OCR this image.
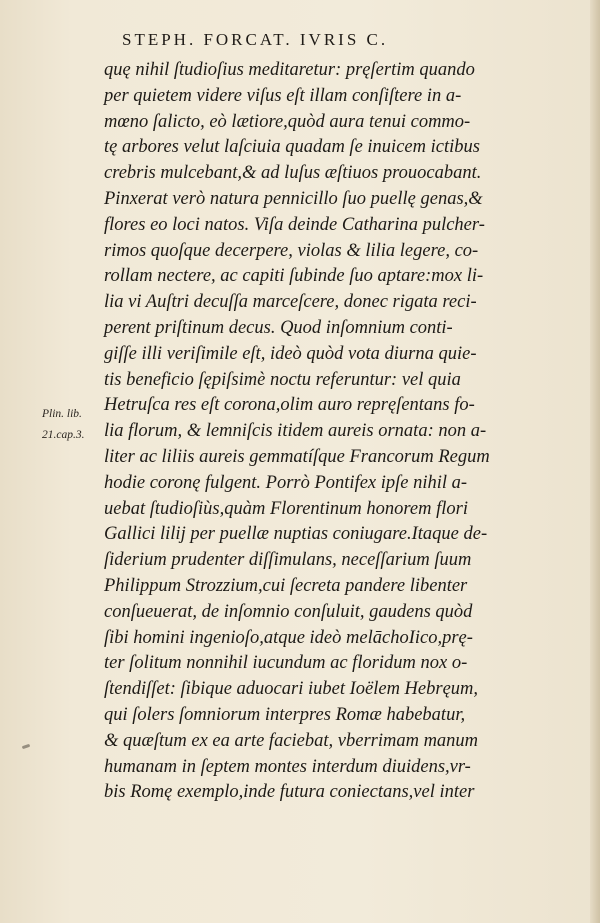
STEPH. FORCAT. IVRIS C.
Plin. lib.
21.cap.3.
quę nihil ſtudioſius meditaretur: pręſertim quando
per quietem videre viſus eſt illam conſiſtere in a-
mœno ſalicto, eò lætiore,quòd aura tenui commo-
tę arbores velut laſciuia quadam ſe inuicem ictibus
crebris mulcebant,& ad luſus æſtiuos prouocabant.
Pinxerat verò natura pennicillo ſuo puellę genas,&
flores eo loci natos. Viſa deinde Catharina pulcher-
rimos quoſque decerpere, violas & lilia legere, co-
rollam nectere, ac capiti ſubinde ſuo aptare:mox li-
lia vi Auſtri decuſſa marceſcere, donec rigata reci-
perent priſtinum decus. Quod inſomnium conti-
giſſe illi veriſimile eſt, ideò quòd vota diurna quie-
tis beneficio ſępiſsimè noctu referuntur: vel quia
Hetruſca res eſt corona,olim auro repręſentans fo-
lia florum, & lemniſcis itidem aureis ornata: non a-
liter ac liliis aureis gemmatíſque Francorum Regum
hodie coronę fulgent. Porrò Pontifex ipſe nihil a-
uebat ſtudioſiùs,quàm Florentinum honorem flori
Gallici lilij per puellæ nuptias coniugare.Itaque de-
ſiderium prudenter diſſimulans, neceſſarium ſuum
Philippum Strozzium,cui ſecreta pandere libenter
conſueuerat, de inſomnio conſuluit, gaudens quòd
ſibi homini ingenioſo,atque ideò melāchoIico,prę-
ter ſolitum nonnihil iucundum ac floridum nox o-
ſtendiſſet: ſibique aduocari iubet Ioëlem Hebręum,
qui ſolers ſomniorum interpres Romæ habebatur,
& quæſtum ex ea arte faciebat, vberrimam manum
humanam in ſeptem montes interdum diuidens,vr-
bis Romę exemplo,inde futura coniectans,vel inter
